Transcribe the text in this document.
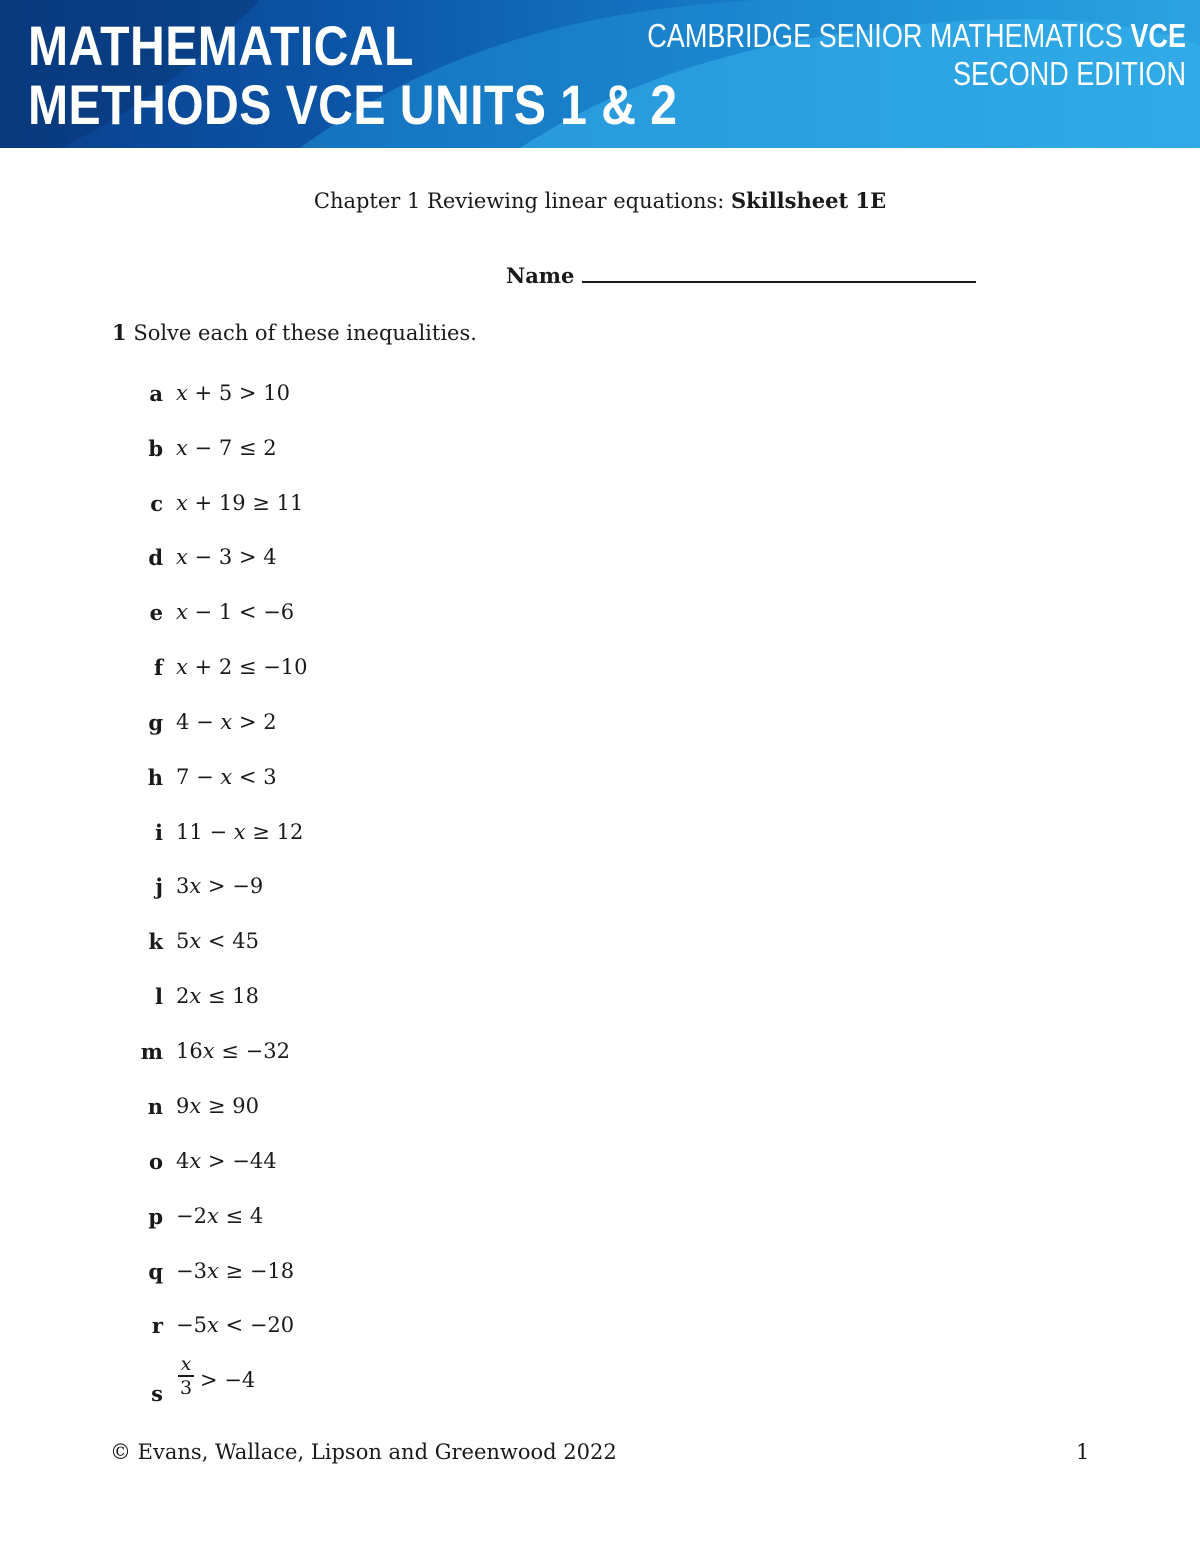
MATHEMATICAL
METHODS VCE UNITS 1 & 2
CAMBRIDGE SENIOR MATHEMATICS VCE
SECOND EDITION
Chapter 1 Reviewing linear equations: Skillsheet 1E
Name
1 Solve each of these inequalities.
a x + 5 > 10
b x − 7 ≤ 2
c x + 19 ≥ 11
d x − 3 > 4
e x − 1 < −6
f x + 2 ≤ −10
g 4 − x > 2
h 7 − x < 3
i 11 − x ≥ 12
j 3x > −9
k 5x < 45
l 2x ≤ 18
m 16x ≤ −32
n 9x ≥ 90
o 4x > −44
p −2x ≤ 4
q −3x ≥ −18
r −5x < −20
s
x
3 > −4
© Evans, Wallace, Lipson and Greenwood 2022	1
